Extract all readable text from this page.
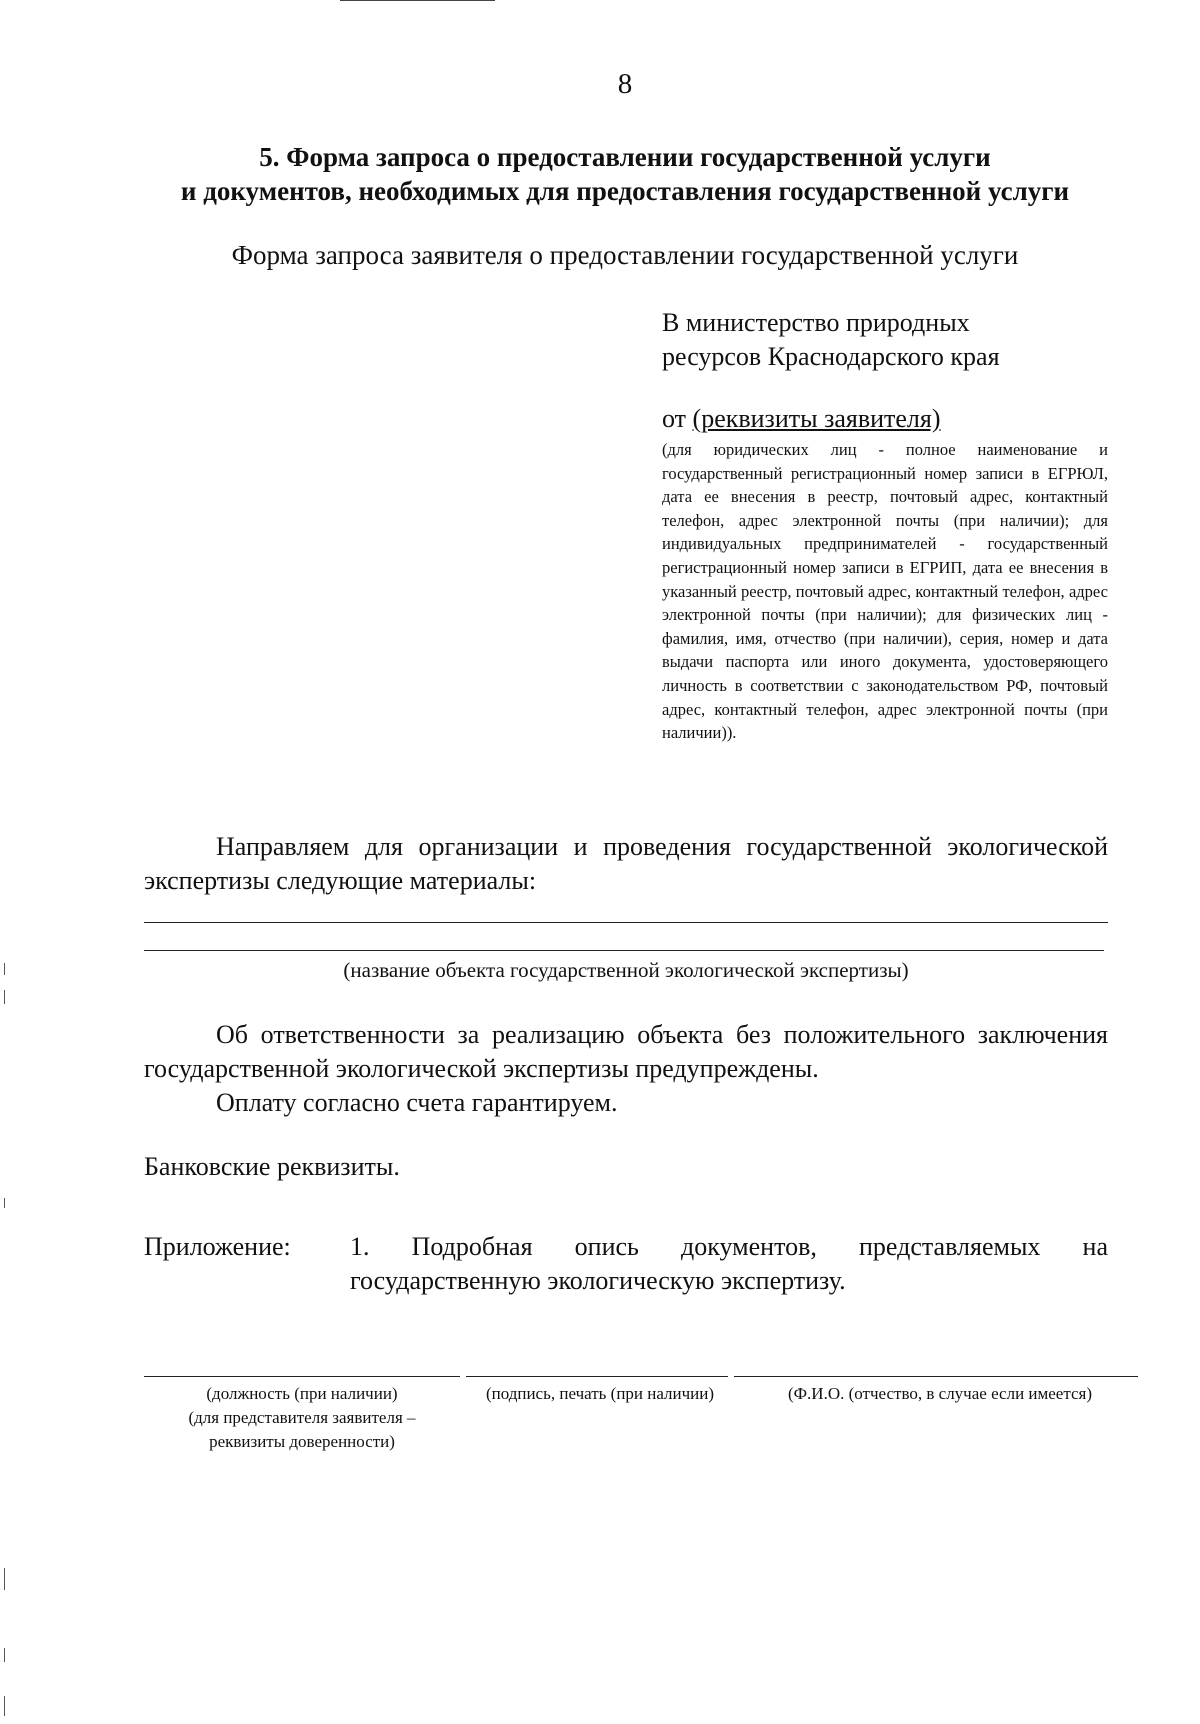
8
5. Форма запроса о предоставлении государственной услуги
и документов, необходимых для предоставления государственной услуги
Форма запроса заявителя о предоставлении государственной услуги
В министерство природных
ресурсов Краснодарского края
от (реквизиты заявителя)
(для юридических лиц - полное наименование и государственный регистрационный номер записи в ЕГРЮЛ, дата ее внесения в реестр, почтовый адрес, контактный телефон, адрес электронной почты (при наличии); для индивидуальных предпринимателей - государственный регистрационный номер записи в ЕГРИП, дата ее внесения в указанный реестр, почтовый адрес, контактный телефон, адрес электронной почты (при наличии); для физических лиц - фамилия, имя, отчество (при наличии), серия, номер и дата выдачи паспорта или иного документа, удостоверяющего личность в соответствии с законодательством РФ, почтовый адрес, контактный телефон, адрес электронной почты (при наличии)).
Направляем для организации и проведения государственной экологической экспертизы следующие материалы:
(название объекта государственной экологической экспертизы)
Об ответственности за реализацию объекта без положительного заключения государственной экологической экспертизы предупреждены.
Оплату согласно счета гарантируем.
Банковские реквизиты.
Приложение: 1. Подробная опись документов, представляемых на
государственную экологическую экспертизу.
(должность (при наличии)
(для представителя заявителя –
реквизиты доверенности)
(подпись, печать (при наличии)	(Ф.И.О. (отчество, в случае если имеется)
